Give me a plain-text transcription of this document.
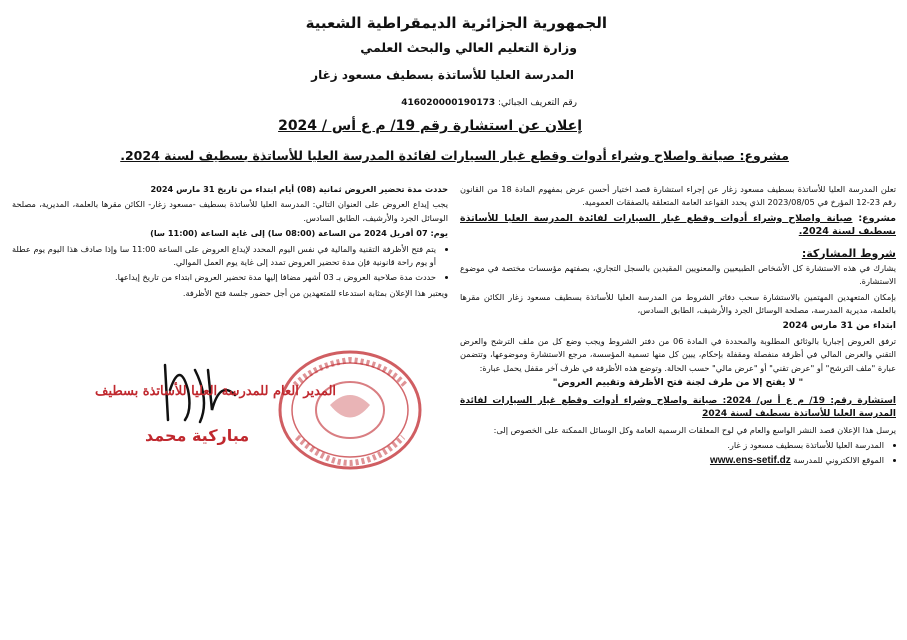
الجمهورية الجزائرية الديمقراطية الشعبية
وزارة التعليم العالي والبحث العلمي
المدرسة العليا للأساتذة بسطيف مسعود زغار
رقم التعريف الجبائي: 416020000190173
إعلان عن استشارة رقم 19/ م ع أس / 2024
مشروع: صيانة واصلاح وشراء أدوات وقطع غيار السيارات لفائدة المدرسة العليا للأساتذة بسطيف لسنة 2024.

تعلن المدرسة العليا للأساتذة بسطيف مسعود زغار عن إجراء استشارة قصد اختيار أحسن عرض بمفهوم المادة 18 من القانون رقم 23-12 المؤرخ في 2023/08/05 الذي يحدد القواعد العامة المتعلقة بالصفقات العمومية.

مشروع: صيانة واصلاح وشراء أدوات وقطع غيار السيارات لفائدة المدرسة العليا للأساتذة بسطيف لسنة 2024.

شروط المشاركة:

يشارك في هذه الاستشارة كل الأشخاص الطبيعيين والمعنويين المقيدين بالسجل التجاري، بصفتهم مؤسسات مختصة في موضوع الاستشارة.

بإمكان المتعهدين المهتمين بالاستشارة سحب دفاتر الشروط من المدرسة العليا للأساتذة بسطيف مسعود زغار الكائن مقرها بالعلمة، مديرية المدرسة، مصلحة الوسائل الجرد والأرشيف، الطابق السادس،

ابتداء من 31 مارس 2024

ترفق العروض إجباريا بالوثائق المطلوبة والمحددة في المادة 06 من دفتر الشروط ويجب وضع كل من ملف الترشح والعرض التقني والعرض المالي في أظرفة منفصلة ومقفلة بإحكام، يبين كل منها تسمية المؤسسة، مرجع الاستشارة وموضوعها، وتتضمن عبارة "ملف الترشح" أو "عرض تقني" أو "عرض مالي" حسب الحالة. وتوضع هذه الأظرفة في ظرف آخر مقفل يحمل عبارة:

" لا يفتح إلا من طرف لجنة فتح الأظرفة وتقييم العروض"

استشارة رقم: 19/ م ع أ س/ 2024: صيانة واصلاح وشراء أدوات وقطع غيار السيارات لفائدة المدرسة العليا للأساتذة بسطيف لسنة 2024

يرسل هذا الإعلان قصد النشر الواسع والعام في لوح المعلقات الرسمية العامة وكل الوسائل الممكنة على الخصوص إلى:

• المدرسة العليا للأساتذة بسطيف مسعود ز غار.
• الموقع الالكتروني للمدرسة www.ens-setif.dz

حددت مدة تحضير العروض ثمانية (08) أيام ابتداء من تاريخ 31 مارس 2024

يجب إيداع العروض على العنوان التالي: المدرسة العليا للأساتذة بسطيف -مسعود زغار- الكائن مقرها بالعلمة، المديرية، مصلحة الوسائل الجرد والأرشيف، الطابق السادس.

يوم: 07 أفريل 2024 من الساعة (08:00 سا) إلى غاية الساعة (11:00 سا)

• يتم فتح الأظرفة التقنية والمالية في نفس اليوم المحدد لإيداع العروض على الساعة 11:00 سا وإذا صادف هذا اليوم يوم عطلة أو يوم راحة قانونية فإن مدة تحضير العروض تمدد إلى غاية يوم العمل الموالي.
• حددت مدة صلاحية العروض بـ 03 أشهر مضافا إليها مدة تحضير العروض ابتداء من تاريخ إيداعها.

ويعتبر هذا الإعلان بمثابة استدعاء للمتعهدين من أجل حضور جلسة فتح الأظرفة.

المدير العام للمدرسة العليا للأساتذة بسطيف
مباركية محمد
